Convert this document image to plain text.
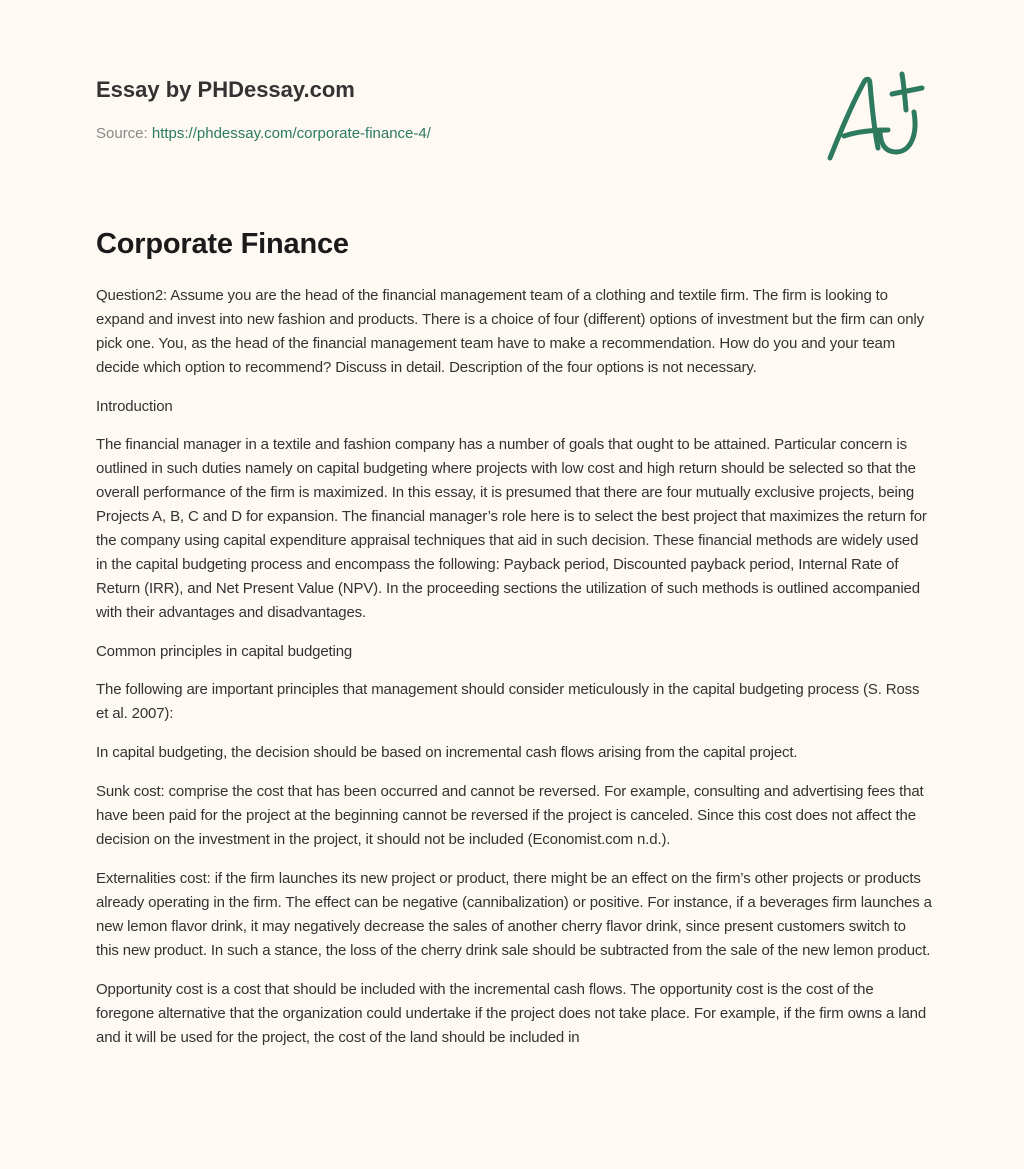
Essay by PHDessay.com
Source: https://phdessay.com/corporate-finance-4/
Corporate Finance

Question2: Assume you are the head of the financial management team of a clothing and textile firm. The firm is looking to expand and invest into new fashion and products. There is a choice of four (different) options of investment but the firm can only pick one. You, as the head of the financial management team have to make a recommendation. How do you and your team decide which option to recommend? Discuss in detail. Description of the four options is not necessary.

Introduction

The financial manager in a textile and fashion company has a number of goals that ought to be attained. Particular concern is outlined in such duties namely on capital budgeting where projects with low cost and high return should be selected so that the overall performance of the firm is maximized. In this essay, it is presumed that there are four mutually exclusive projects, being Projects A, B, C and D for expansion. The financial manager’s role here is to select the best project that maximizes the return for the company using capital expenditure appraisal techniques that aid in such decision. These financial methods are widely used in the capital budgeting process and encompass the following: Payback period, Discounted payback period, Internal Rate of Return (IRR), and Net Present Value (NPV). In the proceeding sections the utilization of such methods is outlined accompanied with their advantages and disadvantages.

Common principles in capital budgeting

The following are important principles that management should consider meticulously in the capital budgeting process (S. Ross et al. 2007):

In capital budgeting, the decision should be based on incremental cash flows arising from the capital project.

Sunk cost: comprise the cost that has been occurred and cannot be reversed. For example, consulting and advertising fees that have been paid for the project at the beginning cannot be reversed if the project is canceled. Since this cost does not affect the decision on the investment in the project, it should not be included (Economist.com n.d.).

Externalities cost: if the firm launches its new project or product, there might be an effect on the firm’s other projects or products already operating in the firm. The effect can be negative (cannibalization) or positive. For instance, if a beverages firm launches a new lemon flavor drink, it may negatively decrease the sales of another cherry flavor drink, since present customers switch to this new product. In such a stance, the loss of the cherry drink sale should be subtracted from the sale of the new lemon product.

Opportunity cost is a cost that should be included with the incremental cash flows. The opportunity cost is the cost of the foregone alternative that the organization could undertake if the project does not take place. For example, if the firm owns a land and it will be used for the project, the cost of the land should be included in
